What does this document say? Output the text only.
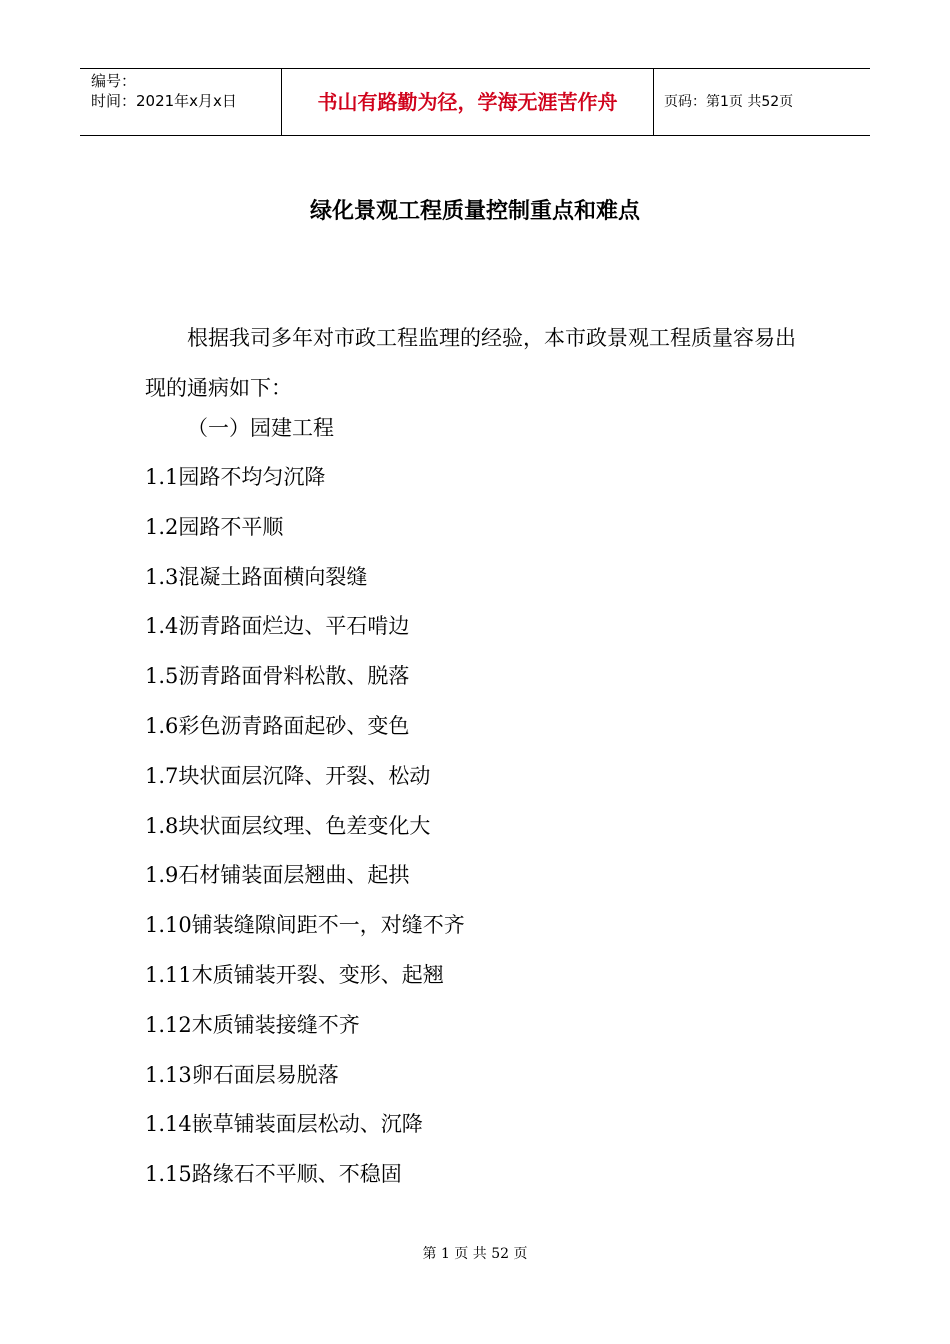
编号：
时间：2021年x月x日	书山有路勤为径，学海无涯苦作舟	页码：第1页 共52页
绿化景观工程质量控制重点和难点

根据我司多年对市政工程监理的经验，本市政景观工程质量容易出现的通病如下：

（一）园建工程
1.1园路不均匀沉降
1.2园路不平顺
1.3混凝土路面横向裂缝
1.4沥青路面烂边、平石啃边
1.5沥青路面骨料松散、脱落
1.6彩色沥青路面起砂、变色
1.7块状面层沉降、开裂、松动
1.8块状面层纹理、色差变化大
1.9石材铺装面层翘曲、起拱
1.10铺装缝隙间距不一，对缝不齐
1.11木质铺装开裂、变形、起翘
1.12木质铺装接缝不齐
1.13卵石面层易脱落
1.14嵌草铺装面层松动、沉降
1.15路缘石不平顺、不稳固
第 1 页 共 52 页
